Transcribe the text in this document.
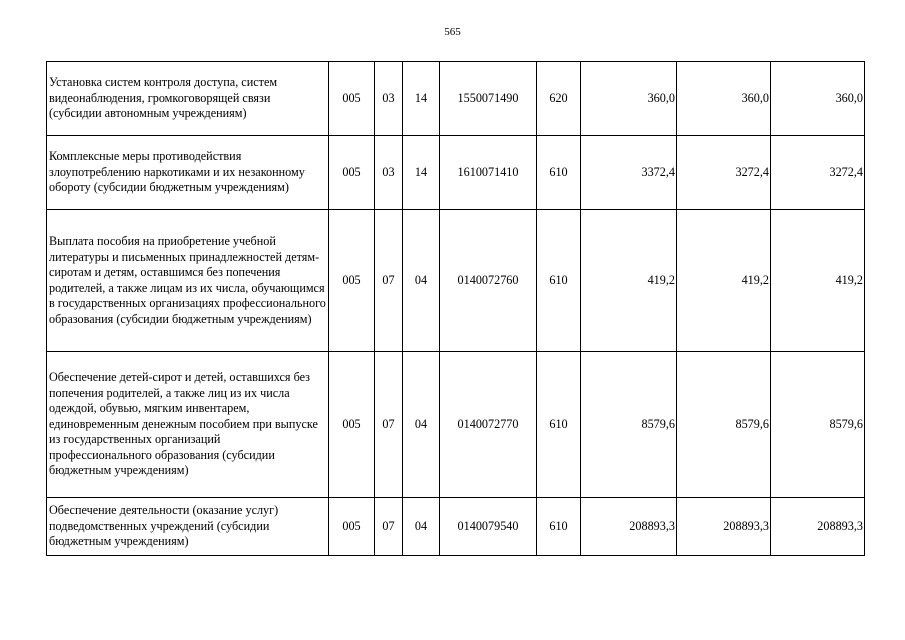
565
Установка систем контроля доступа, систем видеонаблюдения, громкоговорящей связи (субсидии автономным учреждениям)	005	03	14	1550071490	620	360,0	360,0	360,0
Комплексные меры противодействия злоупотреблению наркотиками и их незаконному обороту (субсидии бюджетным учреждениям)	005	03	14	1610071410	610	3372,4	3272,4	3272,4
Выплата пособия на приобретение учебной литературы и письменных принадлежностей детям-сиротам и детям, оставшимся без попечения родителей, а также лицам из их числа, обучающимся в государственных организациях профессионального образования (субсидии бюджетным учреждениям)	005	07	04	0140072760	610	419,2	419,2	419,2
Обеспечение детей-сирот и детей, оставшихся без попечения родителей, а также лиц из их числа одеждой, обувью, мягким инвентарем, единовременным денежным пособием при выпуске из государственных организаций профессионального образования (субсидии бюджетным учреждениям)	005	07	04	0140072770	610	8579,6	8579,6	8579,6
Обеспечение деятельности (оказание услуг) подведомственных учреждений (субсидии бюджетным учреждениям)	005	07	04	0140079540	610	208893,3	208893,3	208893,3
